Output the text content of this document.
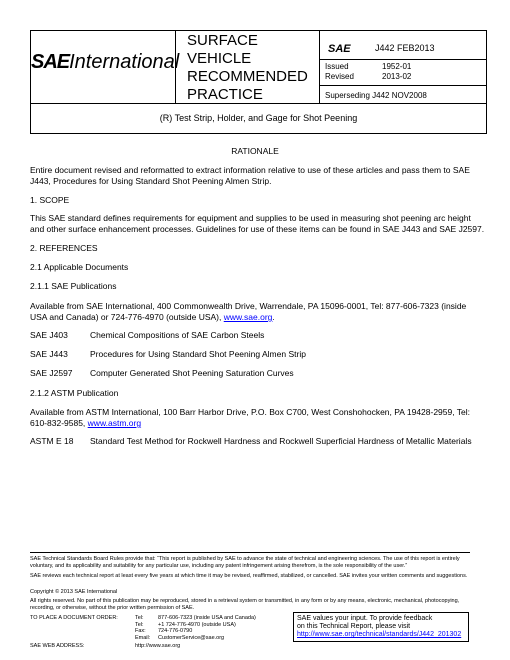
SAEInternational
SURFACE
VEHICLE
RECOMMENDED
PRACTICE
SAE	J442 FEB2013
Issued	1952-01
Revised	2013-02
Superseding J442 NOV2008
(R) Test Strip, Holder, and Gage for Shot Peening
RATIONALE
Entire document revised and reformatted to extract information relative to use of these articles and pass them to SAE J443, Procedures for Using Standard Shot Peening Almen Strip.
1. SCOPE
This SAE standard defines requirements for equipment and supplies to be used in measuring shot peening arc height and other surface enhancement processes. Guidelines for use of these items can be found in SAE J443 and SAE J2597.
2. REFERENCES
2.1 Applicable Documents
2.1.1 SAE Publications
Available from SAE International, 400 Commonwealth Drive, Warrendale, PA 15096-0001, Tel: 877-606-7323 (inside USA and Canada) or 724-776-4970 (outside USA), www.sae.org.
SAE J403	Chemical Compositions of SAE Carbon Steels
SAE J443	Procedures for Using Standard Shot Peening Almen Strip
SAE J2597 Computer Generated Shot Peening Saturation Curves
2.1.2 ASTM Publication
Available from ASTM International, 100 Barr Harbor Drive, P.O. Box C700, West Conshohocken, PA 19428-2959, Tel: 610-832-9585, www.astm.org
ASTM E 18 Standard Test Method for Rockwell Hardness and Rockwell Superficial Hardness of Metallic Materials
SAE Technical Standards Board Rules provide that: “This report is published by SAE to advance the state of technical and engineering sciences. The use of this report is entirely voluntary, and its applicability and suitability for any particular use, including any patent infringement arising therefrom, is the sole responsibility of the user.”
SAE reviews each technical report at least every five years at which time it may be revised, reaffirmed, stabilized, or cancelled. SAE invites your written comments and suggestions.
Copyright © 2013 SAE International
All rights reserved. No part of this publication may be reproduced, stored in a retrieval system or transmitted, in any form or by any means, electronic, mechanical, photocopying, recording, or otherwise, without the prior written permission of SAE.
TO PLACE A DOCUMENT ORDER:	Tel:	877-606-7323 (inside USA and Canada)
Tel:	+1 724-776-4970 (outside USA)
Fax: 724-776-0790
Email: CustomerService@sae.org
SAE WEB ADDRESS:	http://www.sae.org
SAE values your input. To provide feedback
on this Technical Report, please visit
http://www.sae.org/technical/standards/J442_201302
